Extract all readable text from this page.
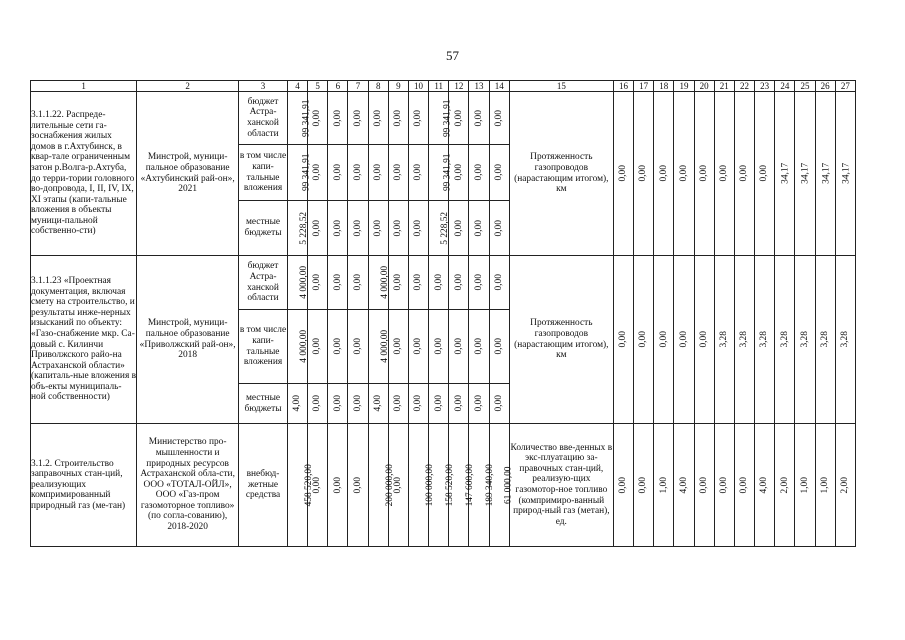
57
1	2	3	4	5	6	7	8	9	10	11	12	13	14	15	16	17	18	19	20	21	22	23	24	25	26	27
3.1.1.22. Распреде-лительные сети га-зоснабжения жилых домов в г.Ахтубинск, в квар-тале ограниченным затон р.Волга-р.Ахтуба, до терри-тории головного во-допровода, I, II, IV, IX, XI этапы (капи-тальные вложения в объекты муници-пальной собственно-сти)	Минстрой, муници-пальное образование «Ахтубинский рай-он», 2021	бюджет Астра-ханской области	99 341,91	0,00	0,00	0,00	0,00	0,00	0,00	99 341,91	0,00	0,00	0,00	Протяженность газопроводов (нарастающим итогом), км	0,00	0,00	0,00	0,00	0,00	0,00	0,00	0,00	34,17	34,17	34,17	34,17
		в том числе капи-тальные вложения	99 341,91	0,00	0,00	0,00	0,00	0,00	0,00	99 341,91	0,00	0,00	0,00													
		местные бюджеты	5 228,52	0,00	0,00	0,00	0,00	0,00	0,00	5 228,52	0,00	0,00	0,00													
3.1.1.23 «Проектная документация, включая смету на строительство, и результаты инже-нерных изысканий по объекту: «Газо-снабжение мкр. Са-довый с. Килинчи Приволжского райо-на Астраханской области» (капиталь-ные вложения в объ-екты муниципаль-ной собственности)	Минстрой, муници-пальное образование «Приволжский рай-он», 2018	бюджет Астра-ханской области	4 000,00	0,00	0,00	0,00	4 000,00	0,00	0,00	0,00	0,00	0,00	0,00	Протяженность газопроводов (нарастающим итогом), км	0,00	0,00	0,00	0,00	0,00	3,28	3,28	3,28	3,28	3,28	3,28	3,28
		в том числе капи-тальные вложения	4 000,00	0,00	0,00	0,00	4 000,00	0,00	0,00	0,00	0,00	0,00	0,00													
		местные бюджеты	4,00	0,00	0,00	0,00	4,00	0,00	0,00	0,00	0,00	0,00	0,00													
3.1.2. Строительство заправочных стан-ций, реализующих компримированный природный газ (ме-тан)	Министерство про-мышленности и природных ресурсов Астраханской обла-сти, ООО «ТОТАЛ-ОЙЛ», ООО «Газ-пром газомоторное топливо» (по согла-сованию), 2018-2020	внебюд-жетные средства	458 520,00	0,00	0,00	0,00	200 000,00	0,00	100 000,00	158 520,00	147 600,00	189 340,00	61 000,00	Количество вве-денных в экс-плуатацию за-правочных стан-ций, реализую-щих газомотор-ное топливо (компримиро-ванный природ-ный газ (метан), ед.	0,00	0,00	1,00	4,00	0,00	0,00	0,00	4,00	2,00	1,00	1,00	2,00
